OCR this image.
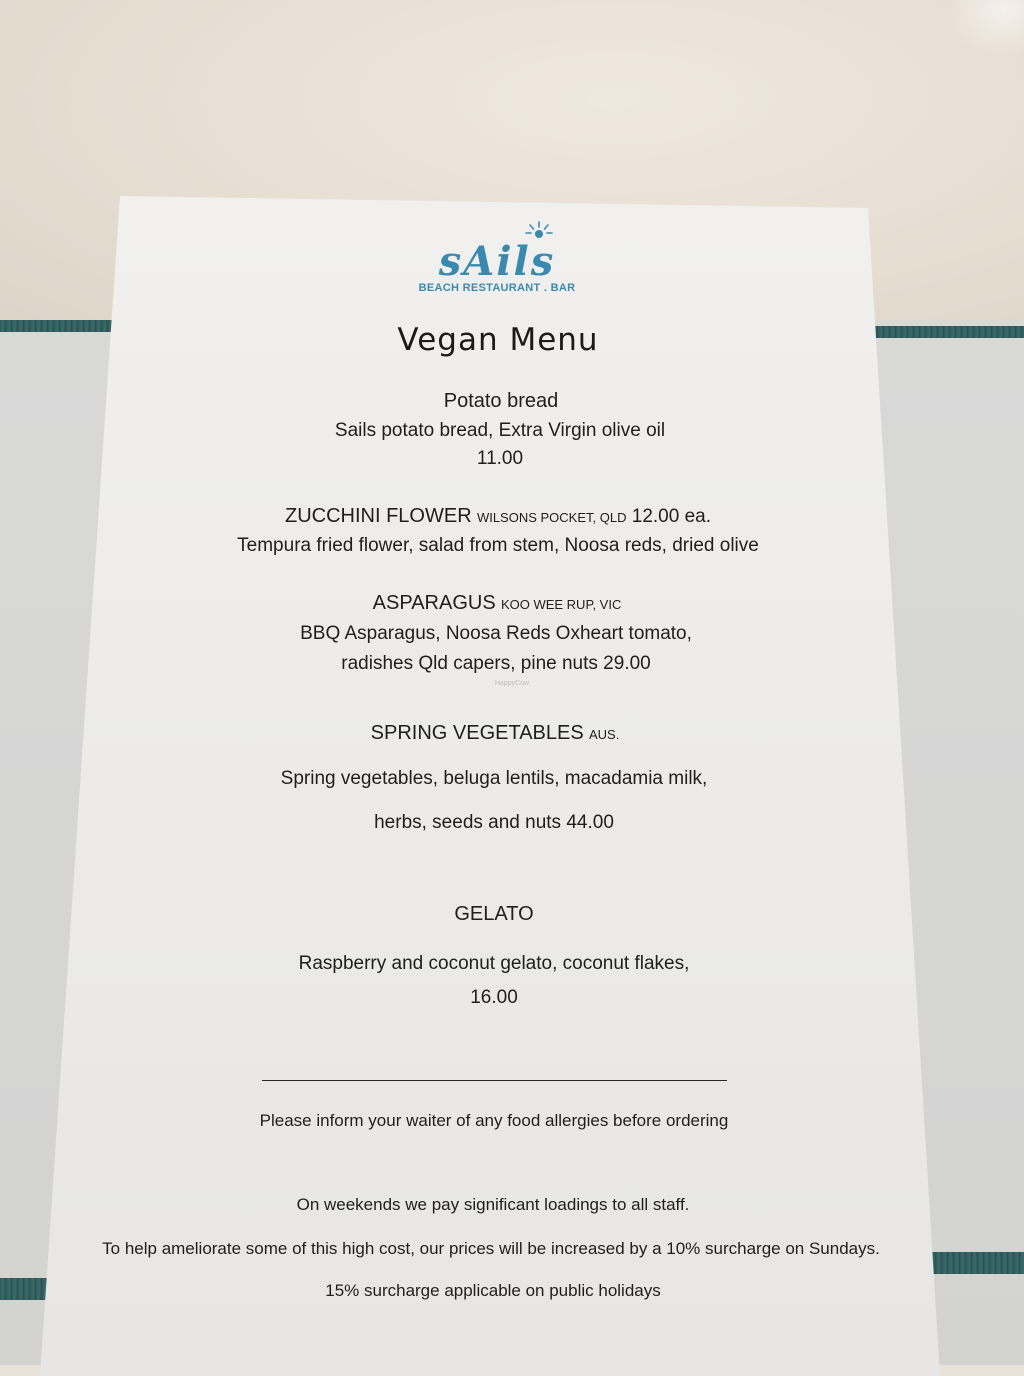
sAils
BEACH RESTAURANT . BAR
Vegan Menu
Potato bread
Sails potato bread, Extra Virgin olive oil
11.00
ZUCCHINI FLOWER WILSONS POCKET, QLD 12.00 ea.
Tempura fried flower, salad from stem, Noosa reds, dried olive
ASPARAGUS KOO WEE RUP, VIC
BBQ Asparagus, Noosa Reds Oxheart tomato,
radishes Qld capers, pine nuts 29.00
HappyCow
SPRING VEGETABLES AUS.
Spring vegetables, beluga lentils, macadamia milk,
herbs, seeds and nuts 44.00
GELATO
Raspberry and coconut gelato, coconut flakes,
16.00
Please inform your waiter of any food allergies before ordering
On weekends we pay significant loadings to all staff.
To help ameliorate some of this high cost, our prices will be increased by a 10% surcharge on Sundays.
15% surcharge applicable on public holidays
